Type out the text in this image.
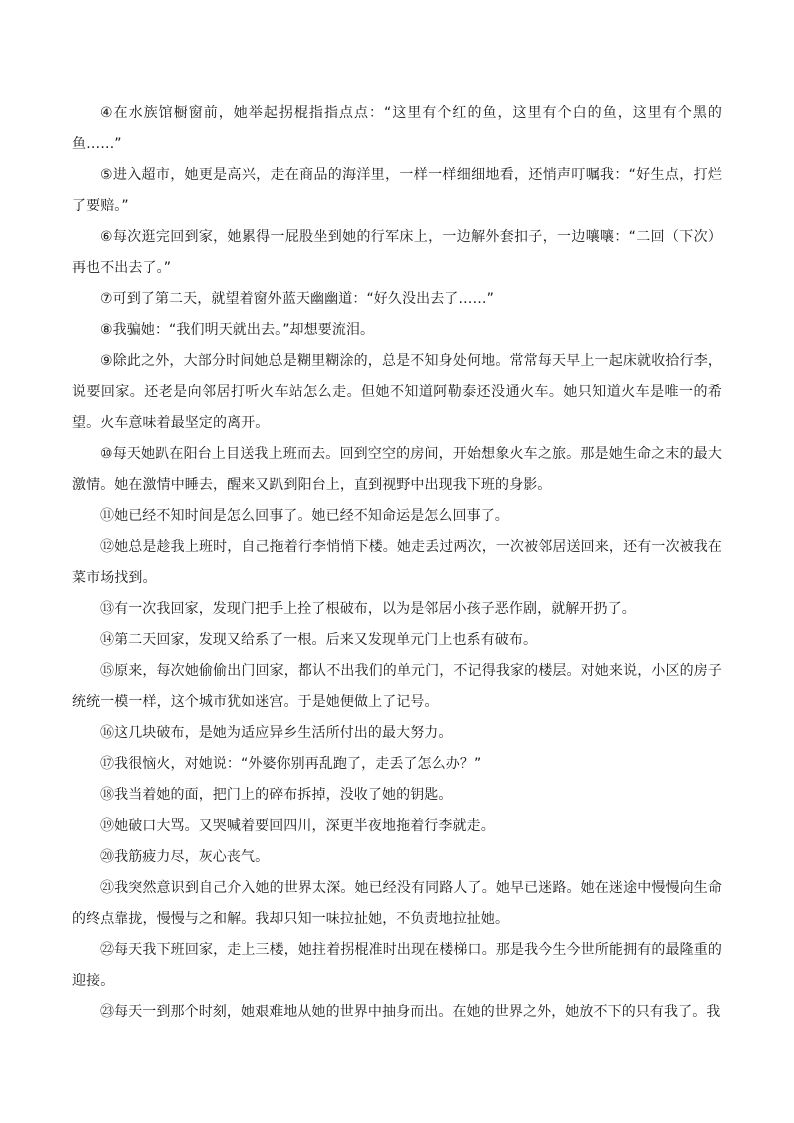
④在水族馆橱窗前，她举起拐棍指指点点：“这里有个红的鱼，这里有个白的鱼，这里有个黑的鱼……”

⑤进入超市，她更是高兴，走在商品的海洋里，一样一样细细地看，还悄声叮嘱我：“好生点，打烂了要赔。”

⑥每次逛完回到家，她累得一屁股坐到她的行军床上，一边解外套扣子，一边嚷嚷：“二回（下次）再也不出去了。”

⑦可到了第二天，就望着窗外蓝天幽幽道：“好久没出去了……”

⑧我骗她：“我们明天就出去。”却想要流泪。

⑨除此之外，大部分时间她总是糊里糊涂的，总是不知身处何地。常常每天早上一起床就收拾行李，说要回家。还老是向邻居打听火车站怎么走。但她不知道阿勒泰还没通火车。她只知道火车是唯一的希望。火车意味着最坚定的离开。

⑩每天她趴在阳台上目送我上班而去。回到空空的房间，开始想象火车之旅。那是她生命之末的最大激情。她在激情中睡去，醒来又趴到阳台上，直到视野中出现我下班的身影。

⑪她已经不知时间是怎么回事了。她已经不知命运是怎么回事了。

⑫她总是趁我上班时，自己拖着行李悄悄下楼。她走丢过两次，一次被邻居送回来，还有一次被我在菜市场找到。

⑬有一次我回家，发现门把手上拴了根破布，以为是邻居小孩子恶作剧，就解开扔了。

⑭第二天回家，发现又给系了一根。后来又发现单元门上也系有破布。

⑮原来，每次她偷偷出门回家，都认不出我们的单元门，不记得我家的楼层。对她来说，小区的房子统统一模一样，这个城市犹如迷宫。于是她便做上了记号。

⑯这几块破布，是她为适应异乡生活所付出的最大努力。

⑰我很恼火，对她说：“外婆你别再乱跑了，走丢了怎么办？”

⑱我当着她的面，把门上的碎布拆掉，没收了她的钥匙。

⑲她破口大骂。又哭喊着要回四川，深更半夜地拖着行李就走。

⑳我筋疲力尽，灰心丧气。

㉑我突然意识到自己介入她的世界太深。她已经没有同路人了。她早已迷路。她在迷途中慢慢向生命的终点靠拢，慢慢与之和解。我却只知一味拉扯她，不负责地拉扯她。

㉒每天我下班回家，走上三楼，她拄着拐棍准时出现在楼梯口。那是我今生今世所能拥有的最隆重的迎接。

㉓每天一到那个时刻，她艰难地从她的世界中抽身而出。在她的世界之外，她放不下的只有我了。我
